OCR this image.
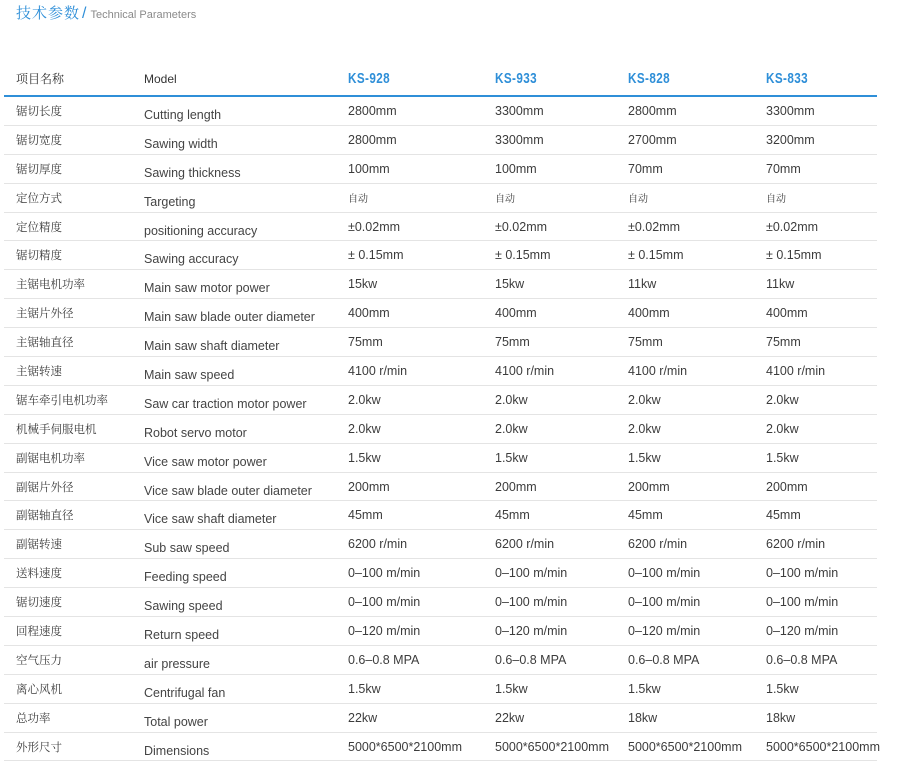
技术参数 / Technical Parameters
项目名称	Model	KS-928	KS-933	KS-828	KS-833
锯切长度	Cutting length	2800mm	3300mm	2800mm	3300mm
锯切宽度	Sawing width	2800mm	3300mm	2700mm	3200mm
锯切厚度	Sawing thickness	100mm	100mm	70mm	70mm
定位方式	Targeting	自动	自动	自动	自动
定位精度	positioning accuracy	±0.02mm	±0.02mm	±0.02mm	±0.02mm
锯切精度	Sawing accuracy	± 0.15mm	± 0.15mm	± 0.15mm	± 0.15mm
主锯电机功率	Main saw motor power	15kw	15kw	11kw	11kw
主锯片外径	Main saw blade outer diameter	400mm	400mm	400mm	400mm
主锯轴直径	Main saw shaft diameter	75mm	75mm	75mm	75mm
主锯转速	Main saw speed	4100 r/min	4100 r/min	4100 r/min	4100 r/min
锯车牵引电机功率	Saw car traction motor power	2.0kw	2.0kw	2.0kw	2.0kw
机械手伺服电机	Robot servo motor	2.0kw	2.0kw	2.0kw	2.0kw
副锯电机功率	Vice saw motor power	1.5kw	1.5kw	1.5kw	1.5kw
副锯片外径	Vice saw blade outer diameter	200mm	200mm	200mm	200mm
副锯轴直径	Vice saw shaft diameter	45mm	45mm	45mm	45mm
副锯转速	Sub saw speed	6200 r/min	6200 r/min	6200 r/min	6200 r/min
送料速度	Feeding speed	0–100 m/min	0–100 m/min	0–100 m/min	0–100 m/min
锯切速度	Sawing speed	0–100 m/min	0–100 m/min	0–100 m/min	0–100 m/min
回程速度	Return speed	0–120 m/min	0–120 m/min	0–120 m/min	0–120 m/min
空气压力	air pressure	0.6–0.8 MPA	0.6–0.8 MPA	0.6–0.8 MPA	0.6–0.8 MPA
离心风机	Centrifugal fan	1.5kw	1.5kw	1.5kw	1.5kw
总功率	Total power	22kw	22kw	18kw	18kw
外形尺寸	Dimensions	5000*6500*2100mm	5000*6500*2100mm 5000*6500*2100mm 5000*6500*2100mm
